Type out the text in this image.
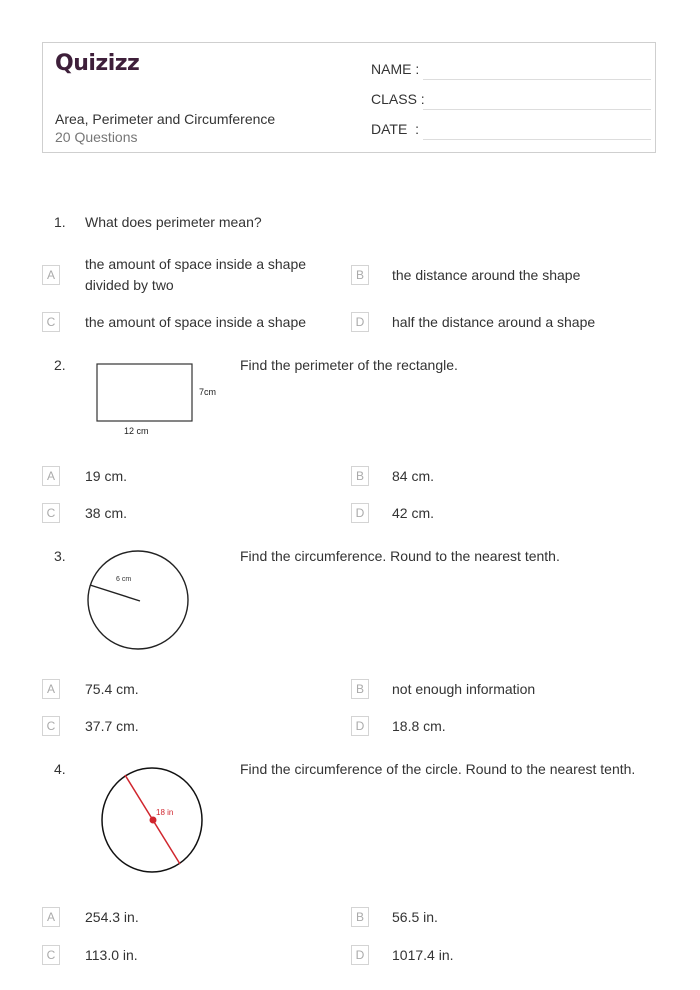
Quizizz
Area, Perimeter and Circumference
20 Questions
NAME :
CLASS :
DATE  :
1. What does perimeter mean?
A
the amount of space inside a shape divided by two
B	the distance around the shape
C	the amount of space inside a shape	D	half the distance around a shape
2.
7cm
12 cm
Find the perimeter of the rectangle.
A	19 cm.	B	84 cm.
C	38 cm.	D	42 cm.
3.
6 cm
Find the circumference. Round to the nearest tenth.
A	75.4 cm.	B	not enough information
C	37.7 cm.	D	18.8 cm.
4.
18 in
Find the circumference of the circle. Round to the nearest tenth.
A	254.3 in.	B	56.5 in.
C	113.0 in.	D	1017.4 in.
